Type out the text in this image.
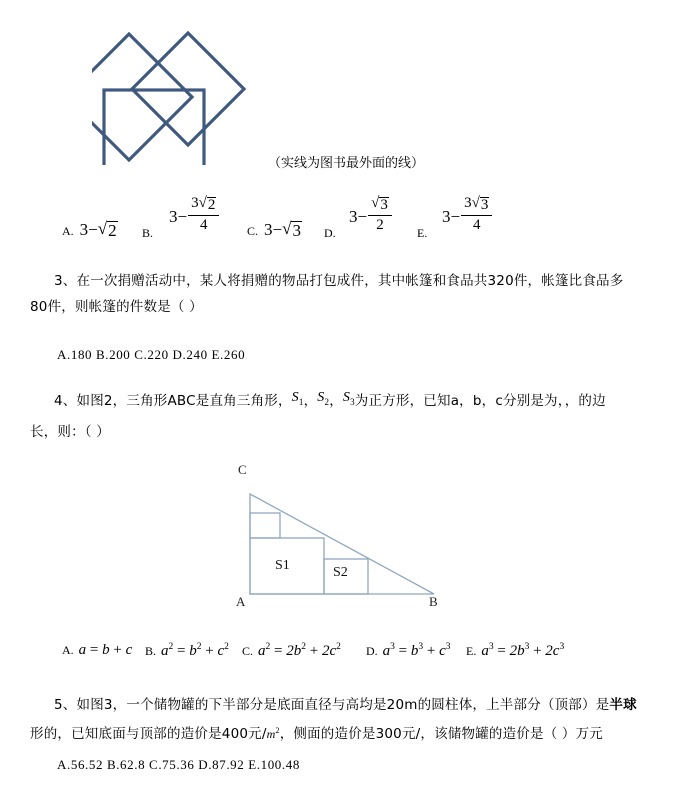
（实线为图书最外面的线）
A. 3 − √ 2 B.
$3 - \frac{3 √ 2}{4} C$. 3 − √ 3 D.
$3 - \frac{√ 3}{2} E$.
$3 - \frac{3 √ 3}{4}$
3、在一次捐赠活动中，某人将捐赠的物品打包成件，其中帐篷和食品共320件，帐篷比食品多
80件，则帐篷的件数是（ ）
A.180 B.200 C.220 D.240 E.260
4、如图2，三角形ABC是直角三角形，$S_1$，$S_2$，$S_3$为正方形，已知a，b，c分别是为，，的边
长，则：（ ）
C
A	B
S1	S2
A. a = b + c B. $a^2 = b^2 + c^2$ C. $a^2 = 2b^2 + 2c^2$ D. $a^3 = b^3 + c^3$ E. $a^3 = 2b^3 + 2c^3$
5、如图3，一个储物罐的下半部分是底面直径与高均是20m的圆柱体，上半部分（顶部）是半球
形的，已知底面与顶部的造价是400元$/m^2$，侧面的造价是300元/，该储物罐的造价是（ ）万元
A.56.52 B.62.8 C.75.36 D.87.92 E.100.48
